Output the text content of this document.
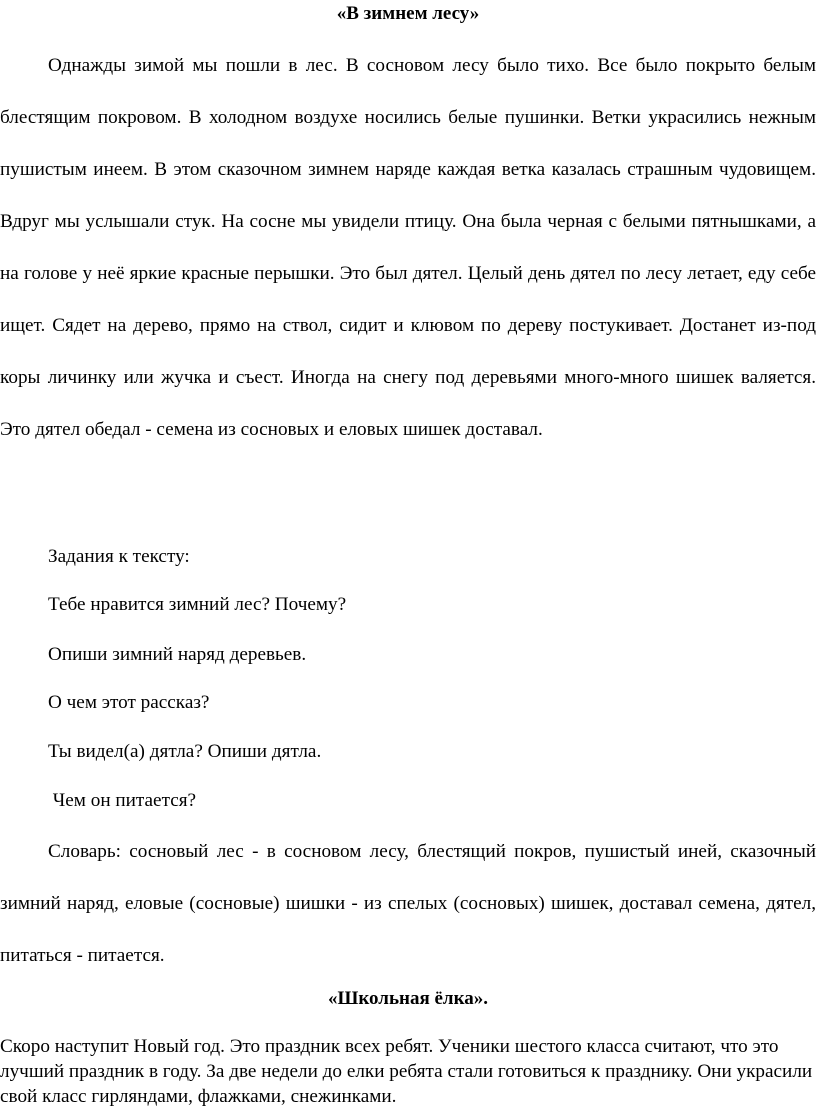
«В зимнем лесу»

Однажды зимой мы пошли в лес. В сосновом лесу было тихо. Все было покрыто белым блестящим покровом. В холодном воздухе носились белые пушинки. Ветки украсились нежным пушистым инеем. В этом сказочном зимнем наряде каждая ветка казалась страшным чудовищем. Вдруг мы услышали стук. На сосне мы увидели птицу. Она была черная с белыми пятнышками, а на голове у неё яркие красные перышки. Это был дятел. Целый день дятел по лесу летает, еду себе ищет. Сядет на дерево, прямо на ствол, сидит и клювом по дереву постукивает. Достанет из-под коры личинку или жучка и съест. Иногда на снегу под деревьями много-много шишек валяется. Это дятел обедал - семена из сосновых и еловых шишек доставал.

Задания к тексту:

Тебе нравится зимний лес? Почему?

Опиши зимний наряд деревьев.

О чем этот рассказ?

Ты видел(а) дятла? Опиши дятла.

Чем он питается?

Словарь: сосновый лес - в сосновом лесу, блестящий покров, пушистый иней, сказочный зимний наряд, еловые (сосновые) шишки - из спелых (сосновых) шишек, доставал семена, дятел, питаться - питается.

«Школьная ёлка».

Скоро наступит Новый год. Это праздник всех ребят. Ученики шестого класса считают, что это лучший праздник в году. За две недели до елки ребята стали готовиться к празднику. Они украсили свой класс гирляндами, флажками, снежинками.
